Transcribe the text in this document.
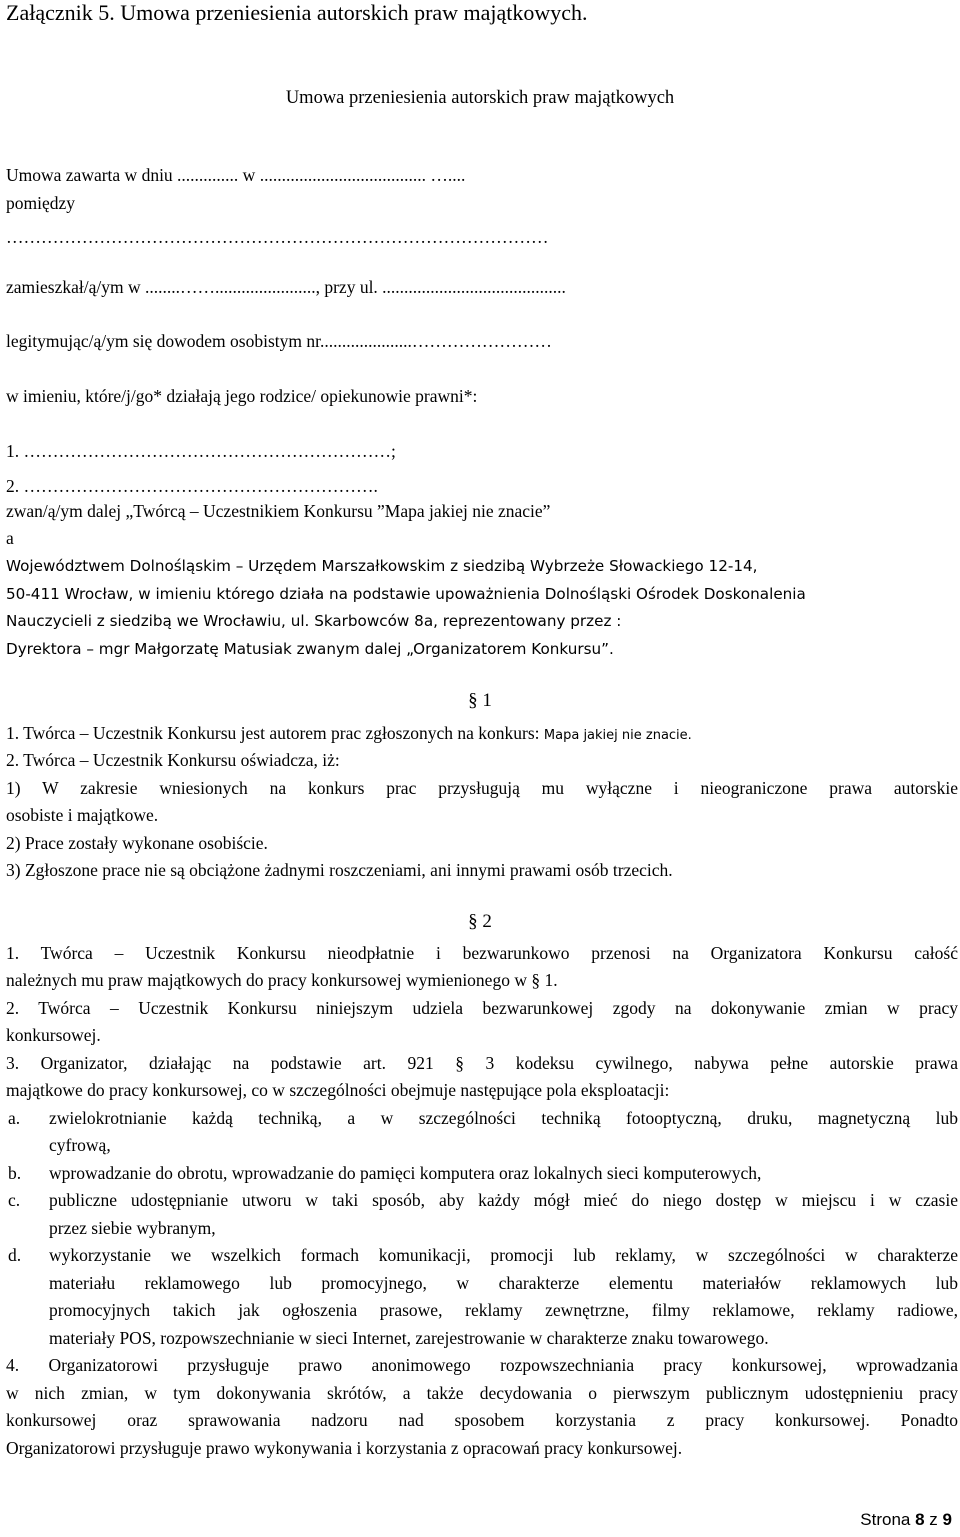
Załącznik 5. Umowa przeniesienia autorskich praw majątkowych.
Umowa przeniesienia autorskich praw majątkowych
Umowa zawarta w dniu .............. w ...................................... …....
pomiędzy
…………………………………………………………………………………
zamieszkał/ą/ym w ........……......................., przy ul. ..........................................
legitymując/ą/ym się dowodem osobistym nr.....................……………………
w imieniu, które/j/go* działają jego rodzice/ opiekunowie prawni*:
1. ………………………………………………………;
2. …………………………………………………….
zwan/ą/ym dalej „Twórcą – Uczestnikiem Konkursu ”Mapa jakiej nie znacie”
a
Województwem Dolnośląskim – Urzędem Marszałkowskim z siedzibą Wybrzeże Słowackiego 12-14,
50-411 Wrocław, w imieniu którego działa na podstawie upoważnienia Dolnośląski Ośrodek Doskonalenia
Nauczycieli z siedzibą we Wrocławiu, ul. Skarbowców 8a, reprezentowany przez :
Dyrektora – mgr Małgorzatę Matusiak zwanym dalej „Organizatorem Konkursu”.
§ 1
1. Twórca – Uczestnik Konkursu jest autorem prac zgłoszonych na konkurs: Mapa jakiej nie znacie.
2. Twórca – Uczestnik Konkursu oświadcza, iż:
1) W zakresie wniesionych na konkurs prac przysługują mu wyłączne i nieograniczone prawa autorskie
osobiste i majątkowe.
2) Prace zostały wykonane osobiście.
3) Zgłoszone prace nie są obciążone żadnymi roszczeniami, ani innymi prawami osób trzecich.
§ 2
1. Twórca – Uczestnik Konkursu nieodpłatnie i bezwarunkowo przenosi na Organizatora Konkursu całość
należnych mu praw majątkowych do pracy konkursowej wymienionego w § 1.
2. Twórca – Uczestnik Konkursu niniejszym udziela bezwarunkowej zgody na dokonywanie zmian w pracy
konkursowej.
3. Organizator, działając na podstawie art. 921 § 3 kodeksu cywilnego, nabywa pełne autorskie prawa
majątkowe do pracy konkursowej, co w szczególności obejmuje następujące pola eksploatacji:
a. zwielokrotnianie każdą techniką, a w szczególności techniką fotooptyczną, druku, magnetyczną lub
cyfrową,
b. wprowadzanie do obrotu, wprowadzanie do pamięci komputera oraz lokalnych sieci komputerowych,
c. publiczne udostępnianie utworu w taki sposób, aby każdy mógł mieć do niego dostęp w miejscu i w czasie
przez siebie wybranym,
d. wykorzystanie we wszelkich formach komunikacji, promocji lub reklamy, w szczególności w charakterze
materiału reklamowego lub promocyjnego, w charakterze elementu materiałów reklamowych lub
promocyjnych takich jak ogłoszenia prasowe, reklamy zewnętrzne, filmy reklamowe, reklamy radiowe,
materiały POS, rozpowszechnianie w sieci Internet, zarejestrowanie w charakterze znaku towarowego.
4. Organizatorowi przysługuje prawo anonimowego rozpowszechniania pracy konkursowej, wprowadzania
w nich zmian, w tym dokonywania skrótów, a także decydowania o pierwszym publicznym udostępnieniu pracy
konkursowej oraz sprawowania nadzoru nad sposobem korzystania z pracy konkursowej. Ponadto
Organizatorowi przysługuje prawo wykonywania i korzystania z opracowań pracy konkursowej.
Strona 8 z 9
